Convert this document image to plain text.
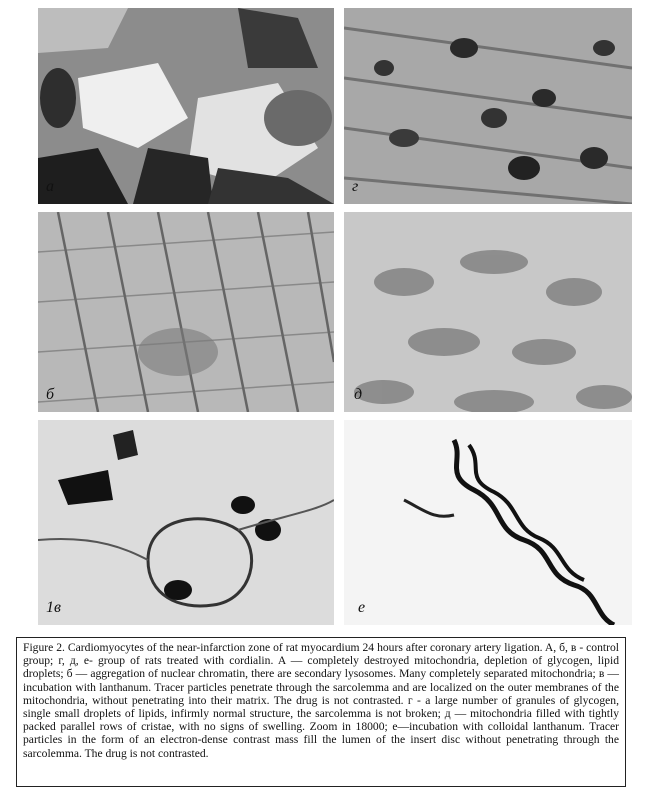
а	г
б	д
1в	е
Figure 2. Cardiomyocytes of the near-infarction zone of rat myocardium 24 hours after coronary artery ligation. A, б, в - control group; г, д, е- group of rats treated with cordialin. A — completely destroyed mitochondria, depletion of glycogen, lipid droplets; б — aggregation of nuclear chromatin, there are secondary lysosomes. Many completely separated mitochondria; в — incubation with lanthanum. Tracer particles penetrate through the sarcolemma and are localized on the outer membranes of the mitochondria, without penetrating into their matrix. The drug is not contrasted. г - a large number of granules of glycogen, single small droplets of lipids, infirmly normal structure, the sarcolemma is not broken; д — mitochondria filled with tightly packed parallel rows of cristae, with no signs of swelling. Zoom in 18000; е—incubation with colloidal lanthanum. Tracer particles in the form of an electron-dense contrast mass fill the lumen of the insert disc without penetrating through the sarcolemma. The drug is not contrasted.
